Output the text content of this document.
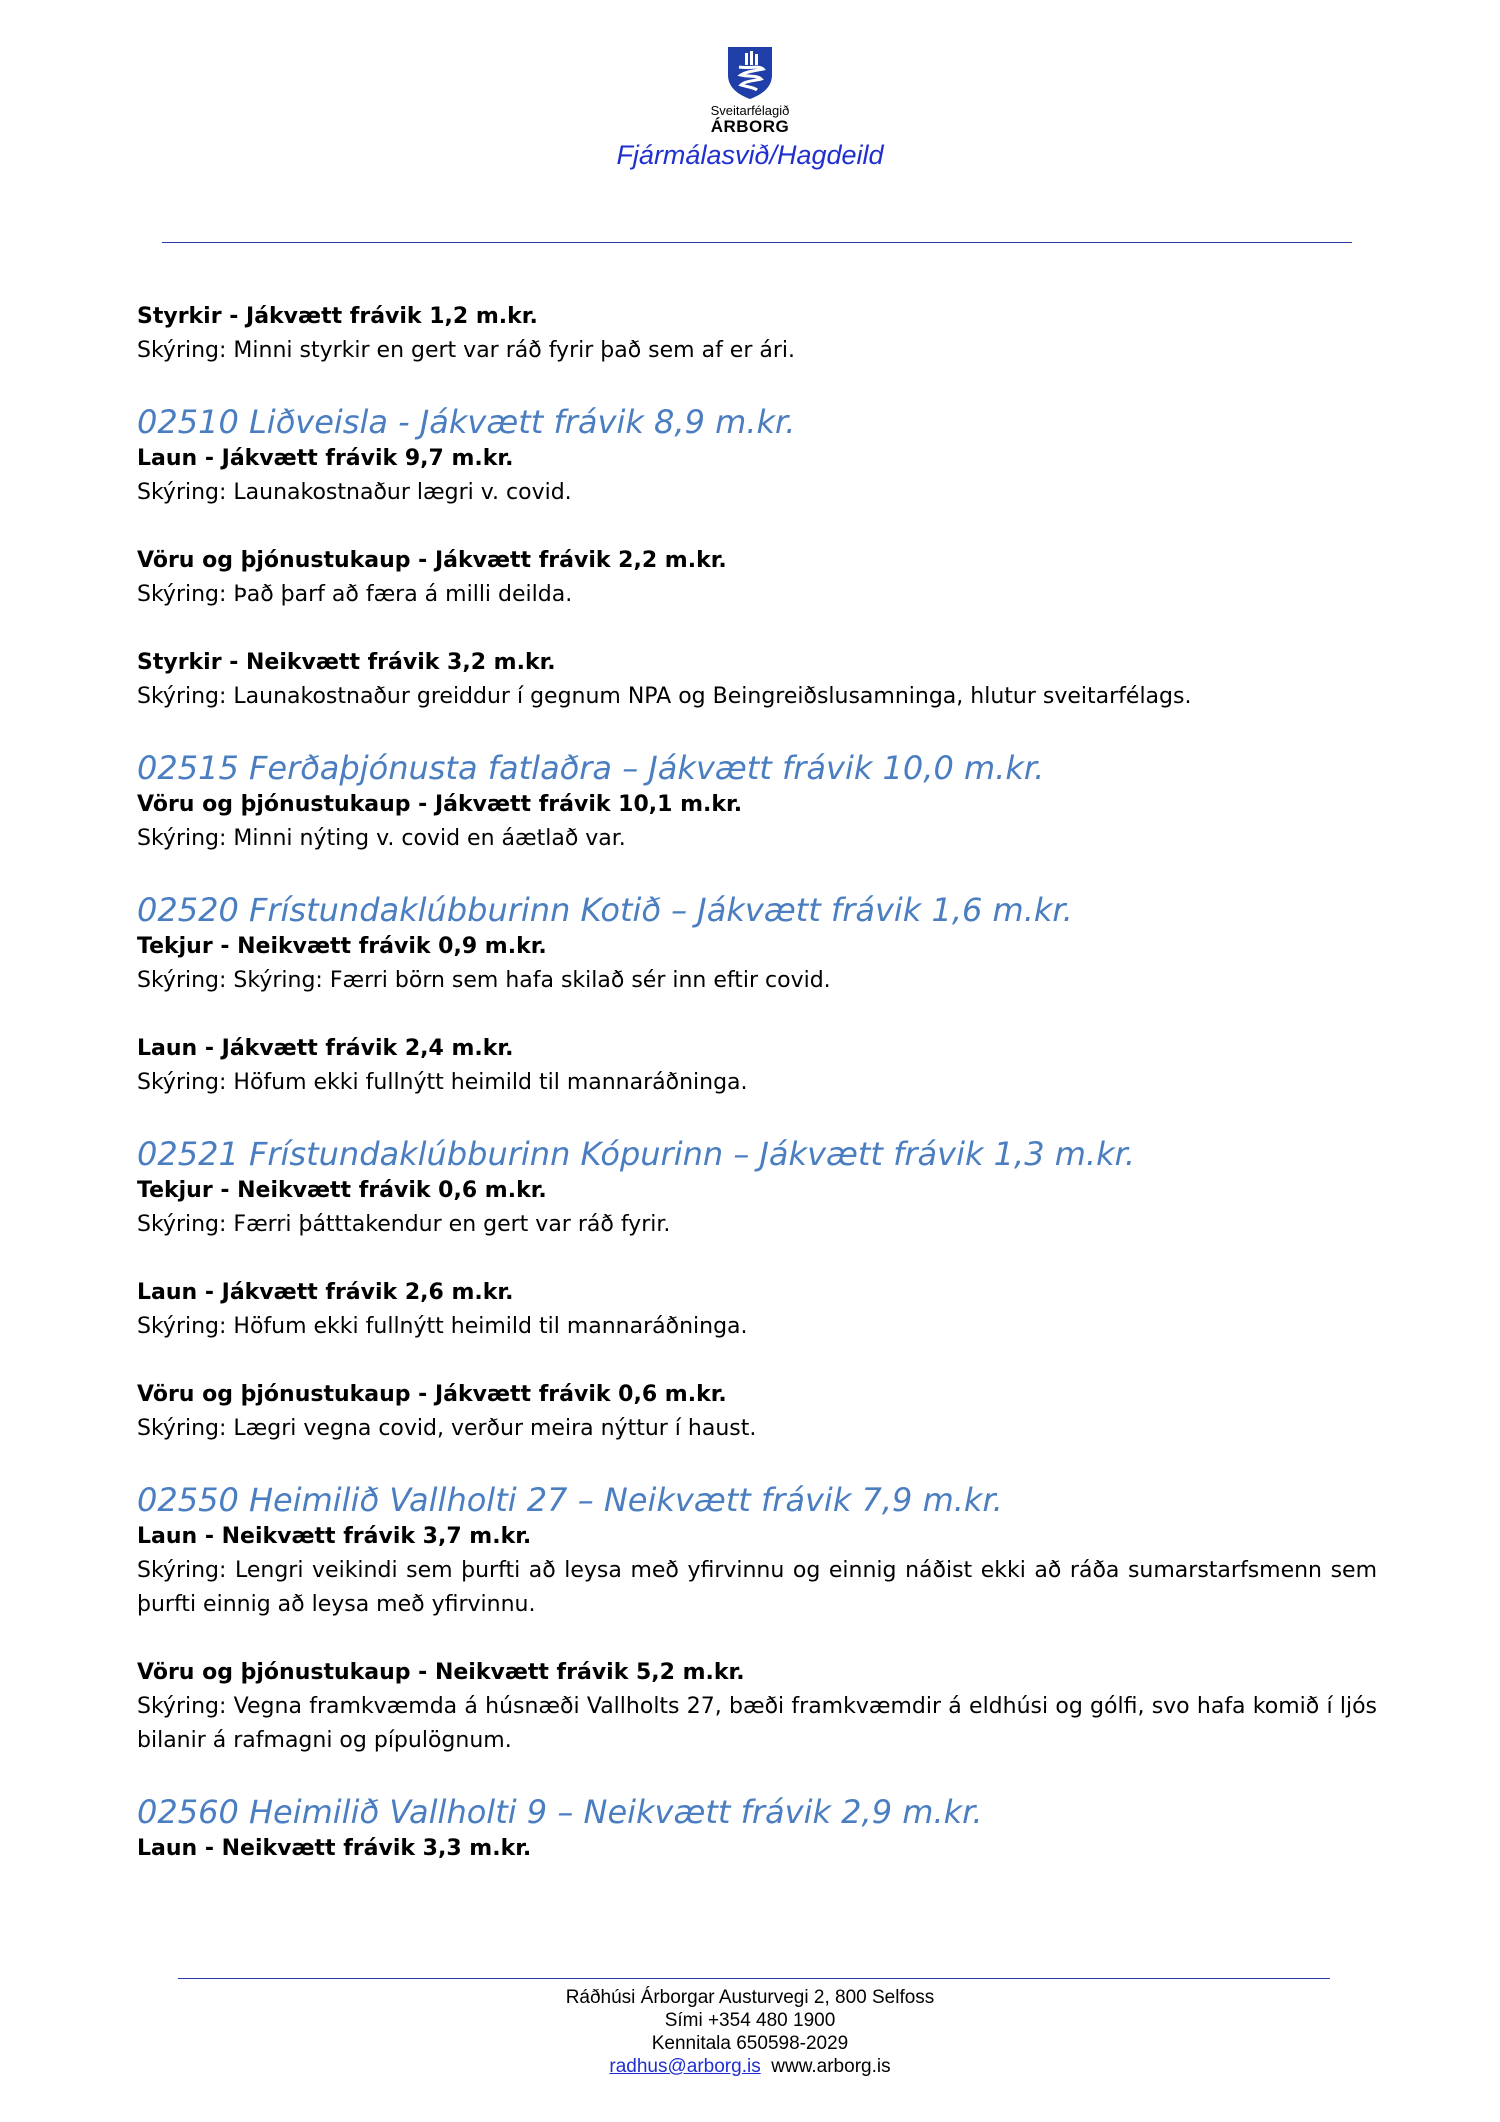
Sveitarfélagið
ÁRBORG
Fjármálasvið/Hagdeild
Styrkir - Jákvætt frávik 1,2 m.kr.
Skýring: Minni styrkir en gert var ráð fyrir það sem af er ári.
02510 Liðveisla - Jákvætt frávik 8,9 m.kr.
Laun - Jákvætt frávik 9,7 m.kr.
Skýring: Launakostnaður lægri v. covid.
Vöru og þjónustukaup - Jákvætt frávik 2,2 m.kr.
Skýring: Það þarf að færa á milli deilda.
Styrkir - Neikvætt frávik 3,2 m.kr.
Skýring: Launakostnaður greiddur í gegnum NPA og Beingreiðslusamninga, hlutur sveitarfélags.
02515 Ferðaþjónusta fatlaðra – Jákvætt frávik 10,0 m.kr.
Vöru og þjónustukaup - Jákvætt frávik 10,1 m.kr.
Skýring: Minni nýting v. covid en áætlað var.
02520 Frístundaklúbburinn Kotið – Jákvætt frávik 1,6 m.kr.
Tekjur - Neikvætt frávik 0,9 m.kr.
Skýring: Skýring: Færri börn sem hafa skilað sér inn eftir covid.
Laun - Jákvætt frávik 2,4 m.kr.
Skýring: Höfum ekki fullnýtt heimild til mannaráðninga.
02521 Frístundaklúbburinn Kópurinn – Jákvætt frávik 1,3 m.kr.
Tekjur - Neikvætt frávik 0,6 m.kr.
Skýring: Færri þátttakendur en gert var ráð fyrir.
Laun - Jákvætt frávik 2,6 m.kr.
Skýring: Höfum ekki fullnýtt heimild til mannaráðninga.
Vöru og þjónustukaup - Jákvætt frávik 0,6 m.kr.
Skýring: Lægri vegna covid, verður meira nýttur í haust.
02550 Heimilið Vallholti 27 – Neikvætt frávik 7,9 m.kr.
Laun - Neikvætt frávik 3,7 m.kr.
Skýring: Lengri veikindi sem þurfti að leysa með yfirvinnu og einnig náðist ekki að ráða sumarstarfsmenn sem þurfti einnig að leysa með yfirvinnu.
Vöru og þjónustukaup - Neikvætt frávik 5,2 m.kr.
Skýring: Vegna framkvæmda á húsnæði Vallholts 27, bæði framkvæmdir á eldhúsi og gólfi, svo hafa komið í ljós bilanir á rafmagni og pípulögnum.
02560 Heimilið Vallholti 9 – Neikvætt frávik 2,9 m.kr.
Laun - Neikvætt frávik 3,3 m.kr.
Ráðhúsi Árborgar Austurvegi 2, 800 Selfoss
Sími +354 480 1900
Kennitala 650598-2029
radhus@arborg.is www.arborg.is
